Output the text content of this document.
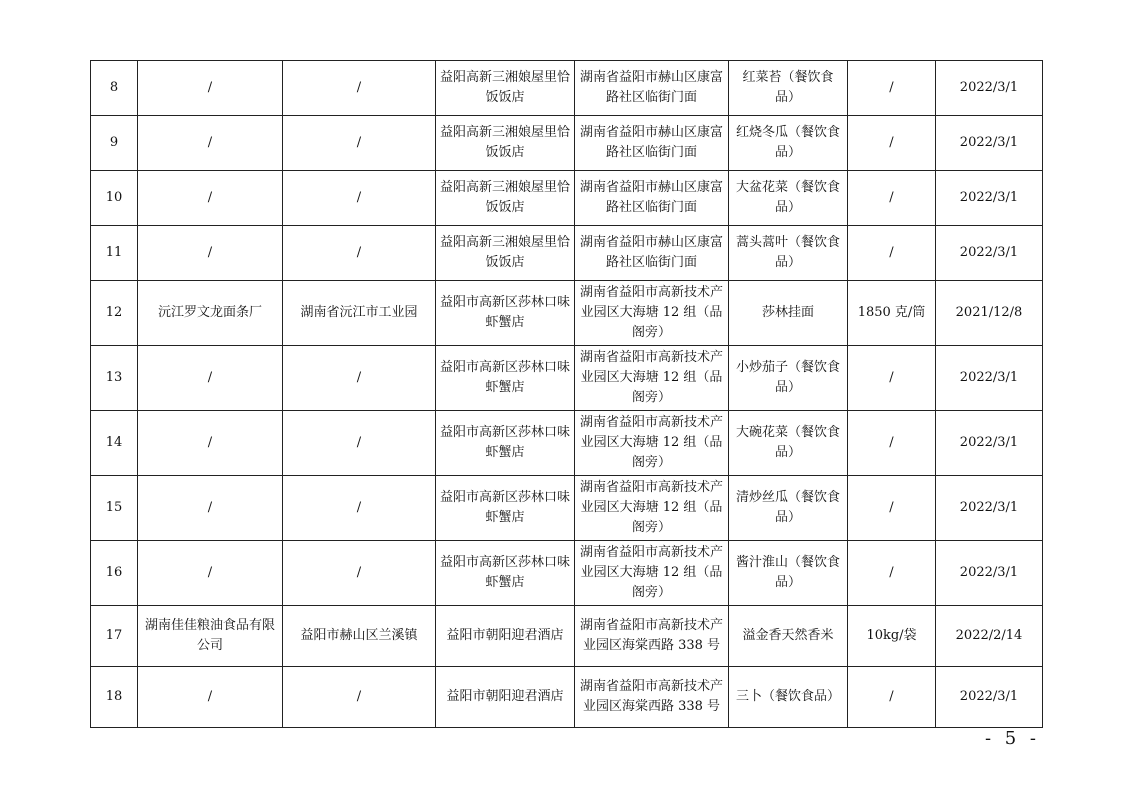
8	/	/	益阳高新三湘娘屋里恰饭饭店	湖南省益阳市赫山区康富路社区临街门面	红菜苔（餐饮食品）	/	2022/3/1
9	/	/	益阳高新三湘娘屋里恰饭饭店	湖南省益阳市赫山区康富路社区临街门面	红烧冬瓜（餐饮食品）	/	2022/3/1
10	/	/	益阳高新三湘娘屋里恰饭饭店	湖南省益阳市赫山区康富路社区临街门面	大盆花菜（餐饮食品）	/	2022/3/1
11	/	/	益阳高新三湘娘屋里恰饭饭店	湖南省益阳市赫山区康富路社区临街门面	蒿头蒿叶（餐饮食品）	/	2022/3/1
12	沅江罗文龙面条厂	湖南省沅江市工业园	益阳市高新区莎林口味虾蟹店	湖南省益阳市高新技术产业园区大海塘 12 组（品阁旁）	莎林挂面	1850 克/筒	2021/12/8
13	/	/	益阳市高新区莎林口味虾蟹店	湖南省益阳市高新技术产业园区大海塘 12 组（品阁旁）	小炒茄子（餐饮食品）	/	2022/3/1
14	/	/	益阳市高新区莎林口味虾蟹店	湖南省益阳市高新技术产业园区大海塘 12 组（品阁旁）	大碗花菜（餐饮食品）	/	2022/3/1
15	/	/	益阳市高新区莎林口味虾蟹店	湖南省益阳市高新技术产业园区大海塘 12 组（品阁旁）	清炒丝瓜（餐饮食品）	/	2022/3/1
16	/	/	益阳市高新区莎林口味虾蟹店	湖南省益阳市高新技术产业园区大海塘 12 组（品阁旁）	酱汁淮山（餐饮食品）	/	2022/3/1
17	湖南佳佳粮油食品有限公司	益阳市赫山区兰溪镇	益阳市朝阳迎君酒店	湖南省益阳市高新技术产业园区海棠西路 338 号	溢金香天然香米	10kg/袋	2022/2/14
18	/	/	益阳市朝阳迎君酒店	湖南省益阳市高新技术产业园区海棠西路 338 号	三卜（餐饮食品）	/	2022/3/1
- 5 -
